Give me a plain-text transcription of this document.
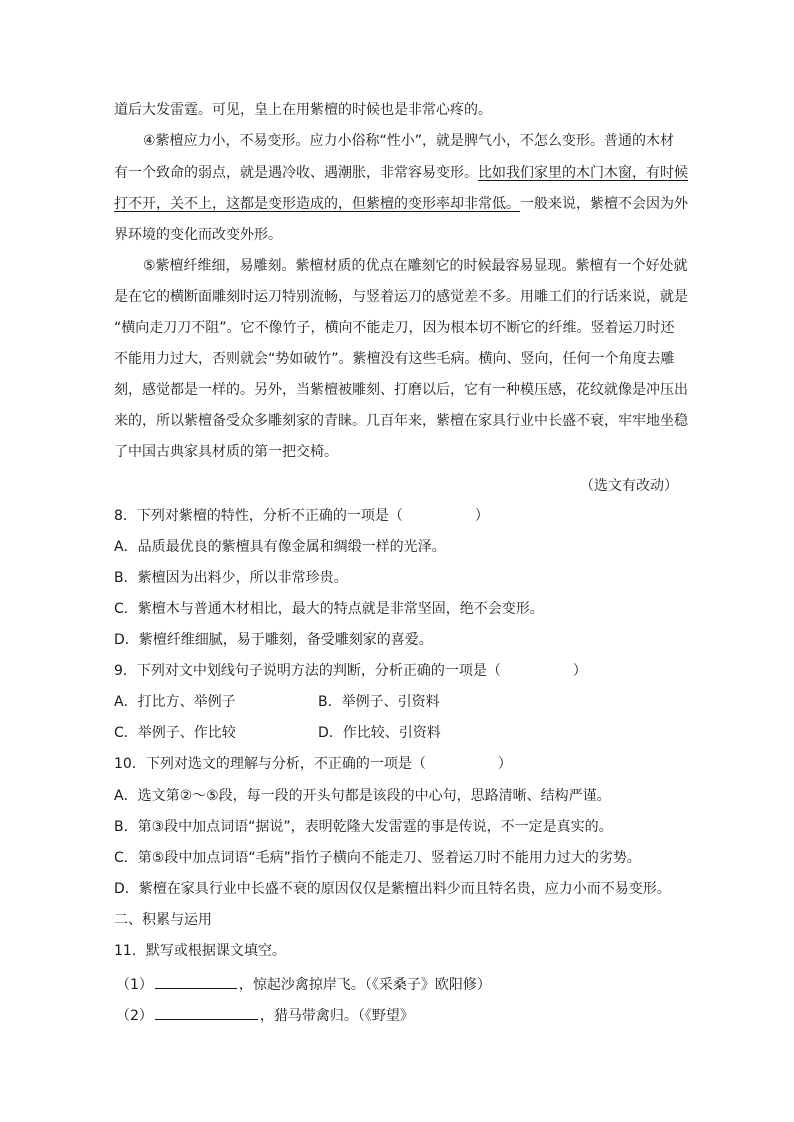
道后大发雷霆。可见，皇上在用紫檀的时候也是非常心疼的。
④紫檀应力小，不易变形。应力小俗称“性小”，就是脾气小，不怎么变形。普通的木材
有一个致命的弱点，就是遇冷收、遇潮胀，非常容易变形。比如我们家里的木门木窗，有时候
打不开，关不上，这都是变形造成的，但紫檀的变形率却非常低。一般来说，紫檀不会因为外
界环境的变化而改变外形。
⑤紫檀纤维细，易雕刻。紫檀材质的优点在雕刻它的时候最容易显现。紫檀有一个好处就
是在它的横断面雕刻时运刀特别流畅，与竖着运刀的感觉差不多。用雕工们的行话来说，就是
“横向走刀刀不阻”。它不像竹子，横向不能走刀，因为根本切不断它的纤维。竖着运刀时还
不能用力过大，否则就会“势如破竹”。紫檀没有这些毛病。横向、竖向，任何一个角度去雕
刻，感觉都是一样的。另外，当紫檀被雕刻、打磨以后，它有一种模压感，花纹就像是冲压出
来的，所以紫檀备受众多雕刻家的青睐。几百年来，紫檀在家具行业中长盛不衰，牢牢地坐稳
了中国古典家具材质的第一把交椅。
（选文有改动）
8．下列对紫檀的特性，分析不正确的一项是（	）
A．品质最优良的紫檀具有像金属和绸缎一样的光泽。
B．紫檀因为出料少，所以非常珍贵。
C．紫檀木与普通木材相比，最大的特点就是非常坚固，绝不会变形。
D．紫檀纤维细腻，易于雕刻，备受雕刻家的喜爱。
9．下列对文中划线句子说明方法的判断，分析正确的一项是（	）
A．打比方、举例子	B．举例子、引资料
C．举例子、作比较	D．作比较、引资料
10．下列对选文的理解与分析，不正确的一项是（	）
A．选文第②～⑤段，每一段的开头句都是该段的中心句，思路清晰、结构严谨。
B．第③段中加点词语“据说”，表明乾隆大发雷霆的事是传说，不一定是真实的。
C．第⑤段中加点词语“毛病”指竹子横向不能走刀、竖着运刀时不能用力过大的劣势。
D．紫檀在家具行业中长盛不衰的原因仅仅是紫檀出料少而且特名贵，应力小而不易变形。
二、积累与运用
11．默写或根据课文填空。
（1）	，惊起沙禽掠岸飞。（《采桑子》欧阳修）
（2）	，猎马带禽归。（《野望》
